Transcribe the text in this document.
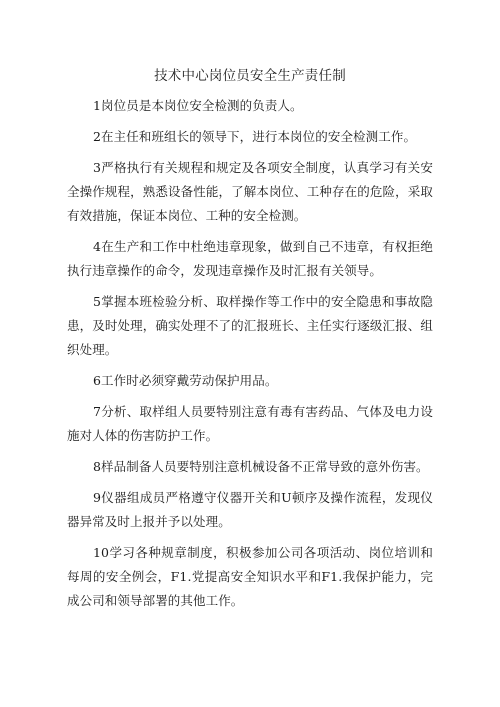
技术中心岗位员安全生产责任制

1岗位员是本岗位安全检测的负责人。

2在主任和班组长的领导下，进行本岗位的安全检测工作。

3严格执行有关规程和规定及各项安全制度，认真学习有关安全操作规程，熟悉设备性能，了解本岗位、工种存在的危险，采取有效措施，保证本岗位、工种的安全检测。

4在生产和工作中杜绝违章现象，做到自己不违章，有权拒绝执行违章操作的命令，发现违章操作及时汇报有关领导。

5掌握本班检验分析、取样操作等工作中的安全隐患和事故隐患，及时处理，确实处理不了的汇报班长、主任实行逐级汇报、组织处理。

6工作时必须穿戴劳动保护用品。

7分析、取样组人员要特别注意有毒有害药品、气体及电力设施对人体的伤害防护工作。

8样品制备人员要特别注意机械设备不正常导致的意外伤害。

9仪器组成员严格遵守仪器开关和U顿序及操作流程，发现仪器异常及时上报并予以处理。

10学习各种规章制度，积极参加公司各项活动、岗位培训和每周的安全例会，F1.党提高安全知识水平和F1.我保护能力，完成公司和领导部署的其他工作。
